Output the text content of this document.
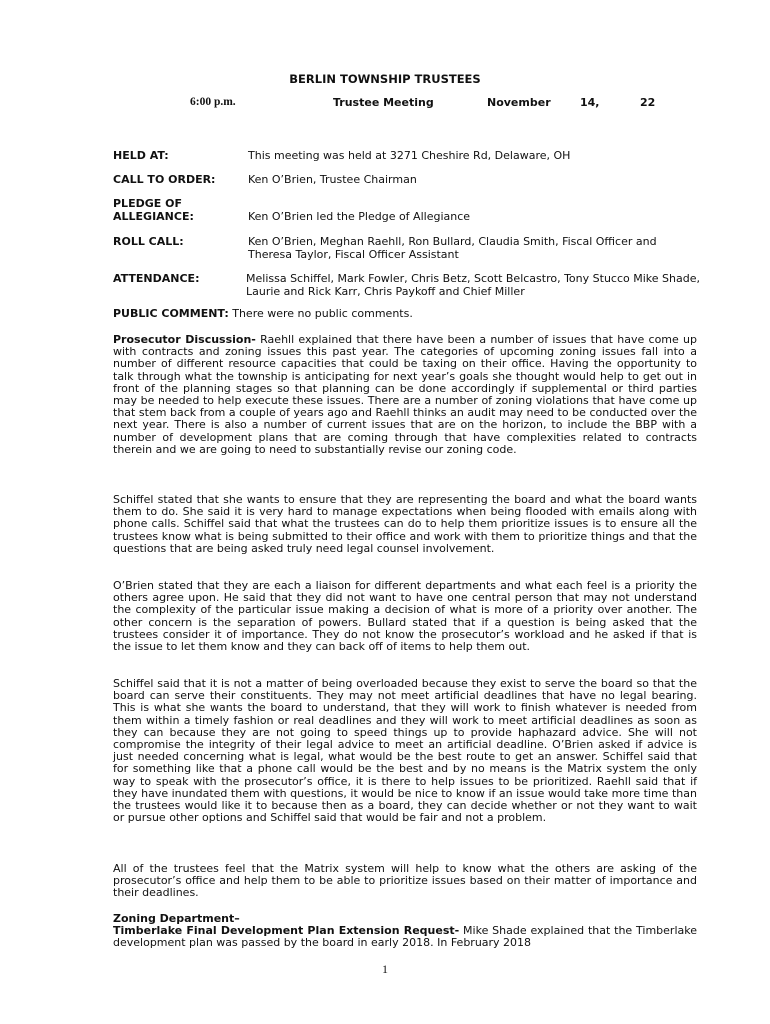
BERLIN TOWNSHIP TRUSTEES
6:00 p.m.	Trustee Meeting	November	14,	22
HELD AT:	This meeting was held at 3271 Cheshire Rd, Delaware, OH
CALL TO ORDER:	Ken O’Brien, Trustee Chairman
PLEDGE OF ALLEGIANCE:	Ken O’Brien led the Pledge of Allegiance
ROLL CALL:	Ken O’Brien, Meghan Raehll, Ron Bullard, Claudia Smith, Fiscal Officer and Theresa Taylor, Fiscal Officer Assistant
ATTENDANCE:	Melissa Schiffel, Mark Fowler, Chris Betz, Scott Belcastro, Tony Stucco Mike Shade, Laurie and Rick Karr, Chris Paykoff and Chief Miller
PUBLIC COMMENT: There were no public comments.

Prosecutor Discussion- Raehll explained that there have been a number of issues that have come up with contracts and zoning issues this past year. The categories of upcoming zoning issues fall into a number of different resource capacities that could be taxing on their office. Having the opportunity to talk through what the township is anticipating for next year’s goals she thought would help to get out in front of the planning stages so that planning can be done accordingly if supplemental or third parties may be needed to help execute these issues. There are a number of zoning violations that have come up that stem back from a couple of years ago and Raehll thinks an audit may need to be conducted over the next year. There is also a number of current issues that are on the horizon, to include the BBP with a number of development plans that are coming through that have complexities related to contracts therein and we are going to need to substantially revise our zoning code.

Schiffel stated that she wants to ensure that they are representing the board and what the board wants them to do. She said it is very hard to manage expectations when being flooded with emails along with phone calls. Schiffel said that what the trustees can do to help them prioritize issues is to ensure all the trustees know what is being submitted to their office and work with them to prioritize things and that the questions that are being asked truly need legal counsel involvement.
O’Brien stated that they are each a liaison for different departments and what each feel is a priority the others agree upon. He said that they did not want to have one central person that may not understand the complexity of the particular issue making a decision of what is more of a priority over another. The other concern is the separation of powers. Bullard stated that if a question is being asked that the trustees consider it of importance. They do not know the prosecutor’s workload and he asked if that is the issue to let them know and they can back off of items to help them out.
Schiffel said that it is not a matter of being overloaded because they exist to serve the board so that the board can serve their constituents. They may not meet artificial deadlines that have no legal bearing. This is what she wants the board to understand, that they will work to finish whatever is needed from them within a timely fashion or real deadlines and they will work to meet artificial deadlines as soon as they can because they are not going to speed things up to provide haphazard advice. She will not compromise the integrity of their legal advice to meet an artificial deadline. O’Brien asked if advice is just needed concerning what is legal, what would be the best route to get an answer. Schiffel said that for something like that a phone call would be the best and by no means is the Matrix system the only way to speak with the prosecutor’s office, it is there to help issues to be prioritized. Raehll said that if they have inundated them with questions, it would be nice to know if an issue would take more time than the trustees would like it to because then as a board, they can decide whether or not they want to wait or pursue other options and Schiffel said that would be fair and not a problem.
All of the trustees feel that the Matrix system will help to know what the others are asking of the prosecutor’s office and help them to be able to prioritize issues based on their matter of importance and their deadlines.

Zoning Department–

Timberlake Final Development Plan Extension Request- Mike Shade explained that the Timberlake development plan was passed by the board in early 2018. In February 2018

1
